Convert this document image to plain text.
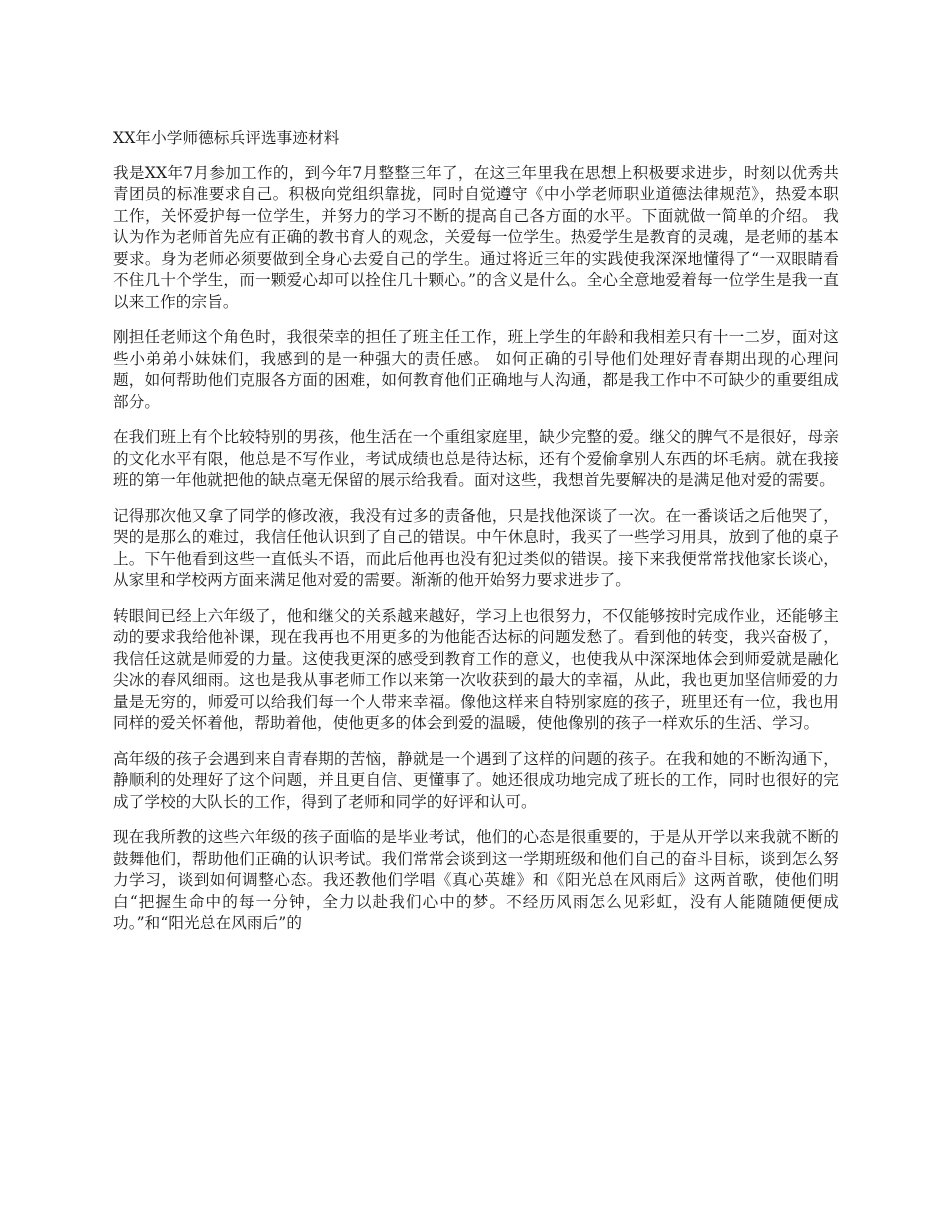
XX年小学师德标兵评选事迹材料

我是XX年7月参加工作的，到今年7月整整三年了，在这三年里我在思想上积极要求进步，时刻以优秀共青团员的标准要求自己。积极向党组织靠拢，同时自觉遵守《中小学老师职业道德法律规范》，热爱本职工作，关怀爱护每一位学生，并努力的学习不断的提高自己各方面的水平。下面就做一简单的介绍。 我认为作为老师首先应有正确的教书育人的观念，关爱每一位学生。热爱学生是教育的灵魂，是老师的基本要求。身为老师必须要做到全身心去爱自己的学生。通过将近三年的实践使我深深地懂得了“一双眼睛看不住几十个学生，而一颗爱心却可以拴住几十颗心。”的含义是什么。全心全意地爱着每一位学生是我一直以来工作的宗旨。

刚担任老师这个角色时，我很荣幸的担任了班主任工作，班上学生的年龄和我相差只有十一二岁，面对这些小弟弟小妹妹们，我感到的是一种强大的责任感。 如何正确的引导他们处理好青春期出现的心理问题，如何帮助他们克服各方面的困难，如何教育他们正确地与人沟通，都是我工作中不可缺少的重要组成部分。

在我们班上有个比较特别的男孩，他生活在一个重组家庭里，缺少完整的爱。继父的脾气不是很好，母亲的文化水平有限，他总是不写作业，考试成绩也总是待达标，还有个爱偷拿别人东西的坏毛病。就在我接班的第一年他就把他的缺点毫无保留的展示给我看。面对这些，我想首先要解决的是满足他对爱的需要。

记得那次他又拿了同学的修改液，我没有过多的责备他，只是找他深谈了一次。在一番谈话之后他哭了，哭的是那么的难过，我信任他认识到了自己的错误。中午休息时，我买了一些学习用具，放到了他的桌子上。下午他看到这些一直低头不语，而此后他再也没有犯过类似的错误。接下来我便常常找他家长谈心，从家里和学校两方面来满足他对爱的需要。渐渐的他开始努力要求进步了。

转眼间已经上六年级了，他和继父的关系越来越好，学习上也很努力，不仅能够按时完成作业，还能够主动的要求我给他补课，现在我再也不用更多的为他能否达标的问题发愁了。看到他的转变，我兴奋极了，我信任这就是师爱的力量。这使我更深的感受到教育工作的意义，也使我从中深深地体会到师爱就是融化尖冰的春风细雨。这也是我从事老师工作以来第一次收获到的最大的幸福，从此，我也更加坚信师爱的力量是无穷的，师爱可以给我们每一个人带来幸福。像他这样来自特别家庭的孩子，班里还有一位，我也用同样的爱关怀着他，帮助着他，使他更多的体会到爱的温暖，使他像别的孩子一样欢乐的生活、学习。

高年级的孩子会遇到来自青春期的苦恼，静就是一个遇到了这样的问题的孩子。在我和她的不断沟通下，静顺利的处理好了这个问题，并且更自信、更懂事了。她还很成功地完成了班长的工作，同时也很好的完成了学校的大队长的工作，得到了老师和同学的好评和认可。

现在我所教的这些六年级的孩子面临的是毕业考试，他们的心态是很重要的，于是从开学以来我就不断的鼓舞他们，帮助他们正确的认识考试。我们常常会谈到这一学期班级和他们自己的奋斗目标，谈到怎么努力学习，谈到如何调整心态。我还教他们学唱《真心英雄》和《阳光总在风雨后》这两首歌，使他们明白“把握生命中的每一分钟，全力以赴我们心中的梦。不经历风雨怎么见彩虹，没有人能随随便便成功。”和“阳光总在风雨后”的
